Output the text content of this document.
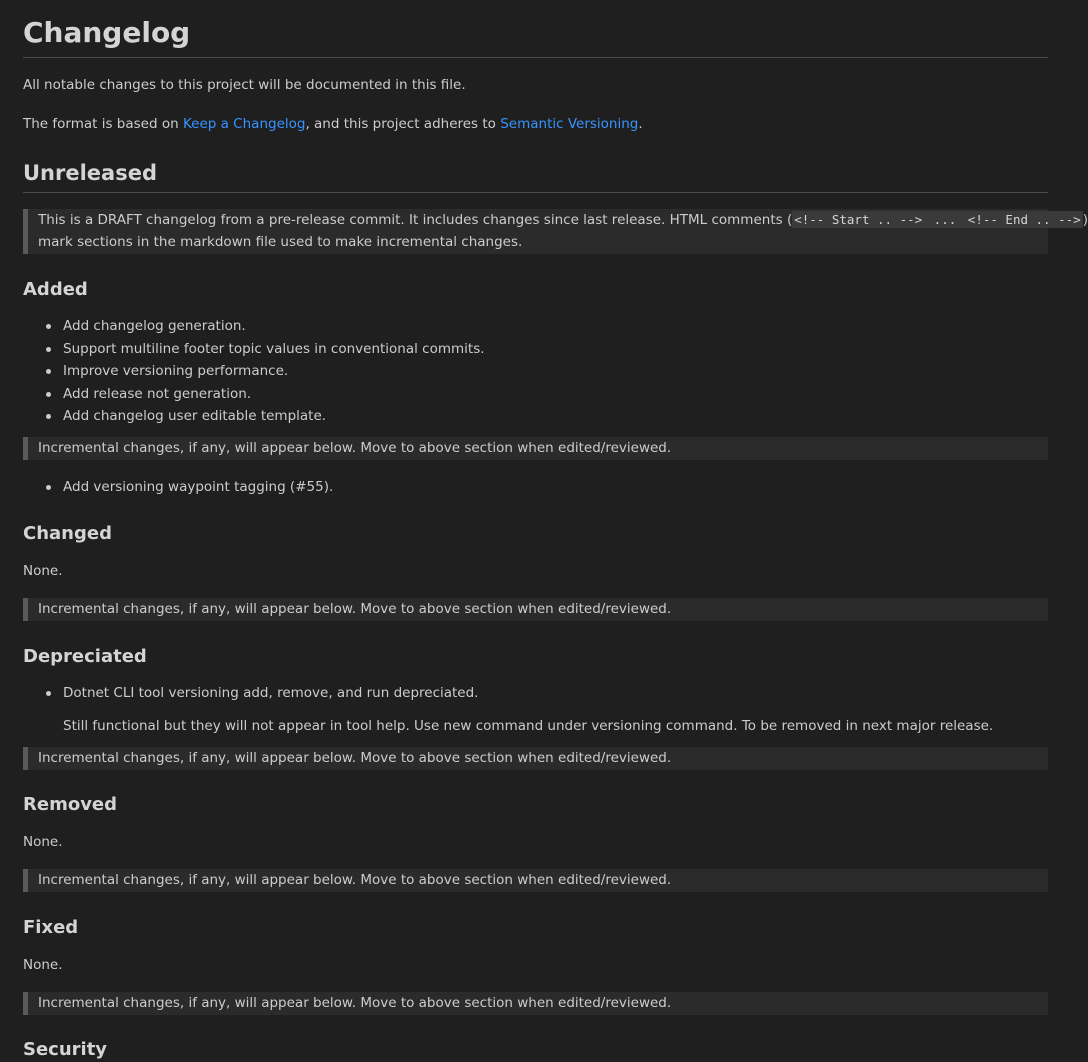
Changelog

All notable changes to this project will be documented in this file.

The format is based on Keep a Changelog, and this project adheres to Semantic Versioning.

Unreleased
This is a DRAFT changelog from a pre-release commit. It includes changes since last release. HTML comments ( <!-- Start .. --> ... <!-- End .. --> )
mark sections in the markdown file used to make incremental changes.
Added
Add changelog generation.
Support multiline footer topic values in conventional commits.
Improve versioning performance.
Add release not generation.
Add changelog user editable template.
Incremental changes, if any, will appear below. Move to above section when edited/reviewed.
Add versioning waypoint tagging (#55).
Changed

None.

Incremental changes, if any, will appear below. Move to above section when edited/reviewed.
Depreciated
Dotnet CLI tool versioning add, remove, and run depreciated.
Still functional but they will not appear in tool help. Use new command under versioning command. To be removed in next major release.
Incremental changes, if any, will appear below. Move to above section when edited/reviewed.
Removed

None.

Incremental changes, if any, will appear below. Move to above section when edited/reviewed.
Fixed

None.

Incremental changes, if any, will appear below. Move to above section when edited/reviewed.
Security
